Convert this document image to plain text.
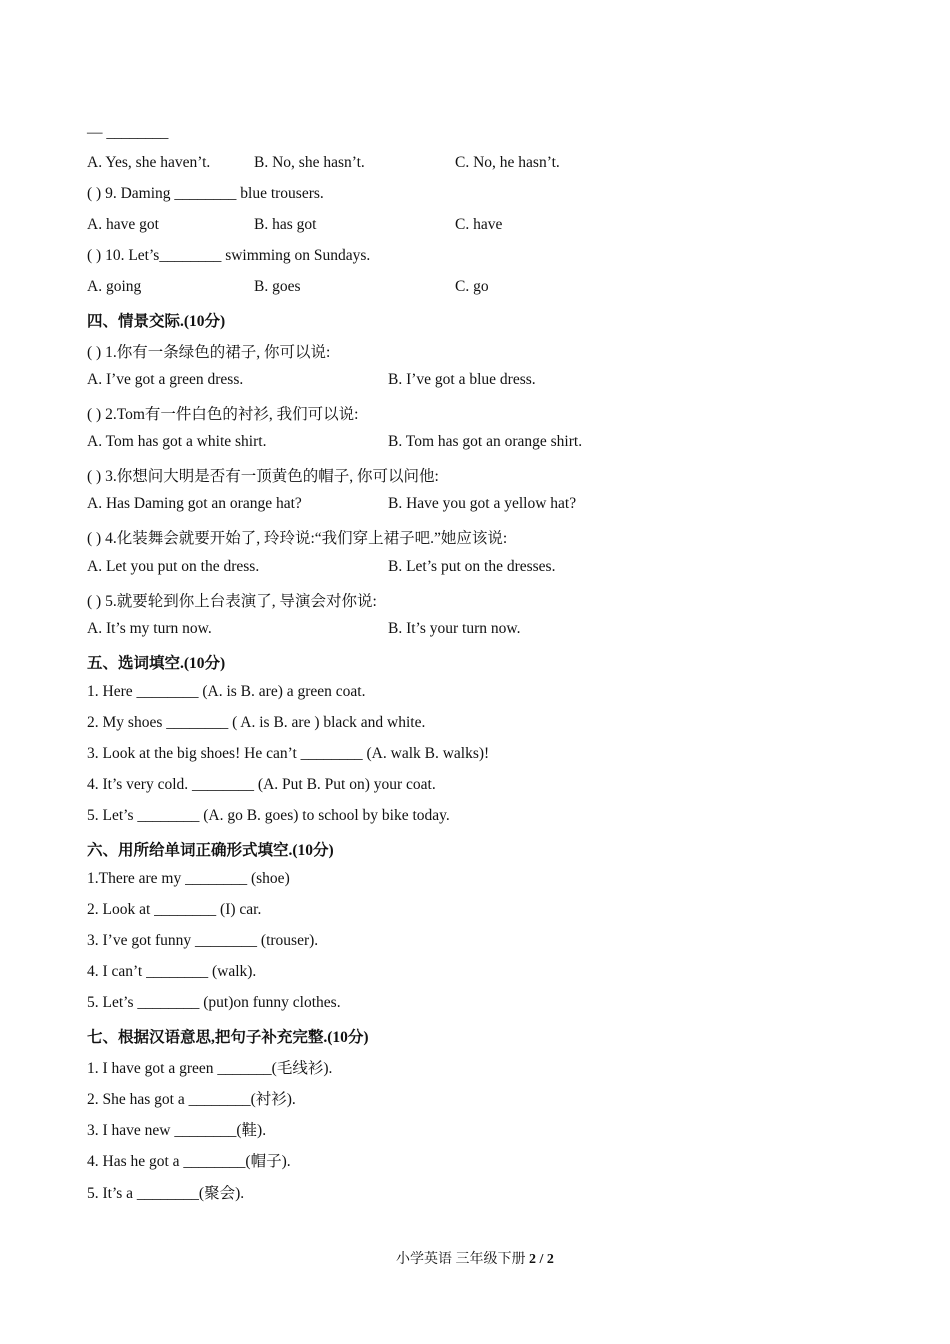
— ________
A. Yes, she haven’t.	B. No, she hasn’t.	C. No, he hasn’t.
( ) 9. Daming ________ blue trousers.
A. have got	B. has got	C. have
( ) 10. Let’s________ swimming on Sundays.
A. going	B. goes	C. go
四、情景交际.(10分)
( ) 1.你有一条绿色的裙子, 你可以说:
A. I’ve got a green dress.	B. I’ve got a blue dress.
( ) 2.Tom有一件白色的衬衫, 我们可以说:
A. Tom has got a white shirt.	B. Tom has got an orange shirt.
( ) 3.你想问大明是否有一顶黄色的帽子, 你可以问他:
A. Has Daming got an orange hat?	B. Have you got a yellow hat?
( ) 4.化装舞会就要开始了, 玲玲说:“我们穿上裙子吧.”她应该说:
A. Let you put on the dress.	B. Let’s put on the dresses.
( ) 5.就要轮到你上台表演了, 导演会对你说:
A. It’s my turn now.	B. It’s your turn now.
五、选词填空.(10分)
1. Here ________ (A. is B. are) a green coat.
2. My shoes ________ ( A. is B. are ) black and white.
3. Look at the big shoes! He can’t ________ (A. walk B. walks)!
4. It’s very cold. ________ (A. Put B. Put on) your coat.
5. Let’s ________ (A. go B. goes) to school by bike today.
六、用所给单词正确形式填空.(10分)
1.There are my ________ (shoe)
2. Look at ________ (I) car.
3. I’ve got funny ________ (trouser).
4. I can’t ________ (walk).
5. Let’s ________ (put)on funny clothes.
七、根据汉语意思,把句子补充完整.(10分)
1. I have got a green _______(毛线衫).
2. She has got a ________(衬衫).
3. I have new ________(鞋).
4. Has he got a ________(帽子).
5. It’s a ________(聚会).
小学英语 三年级下册 2 / 2
